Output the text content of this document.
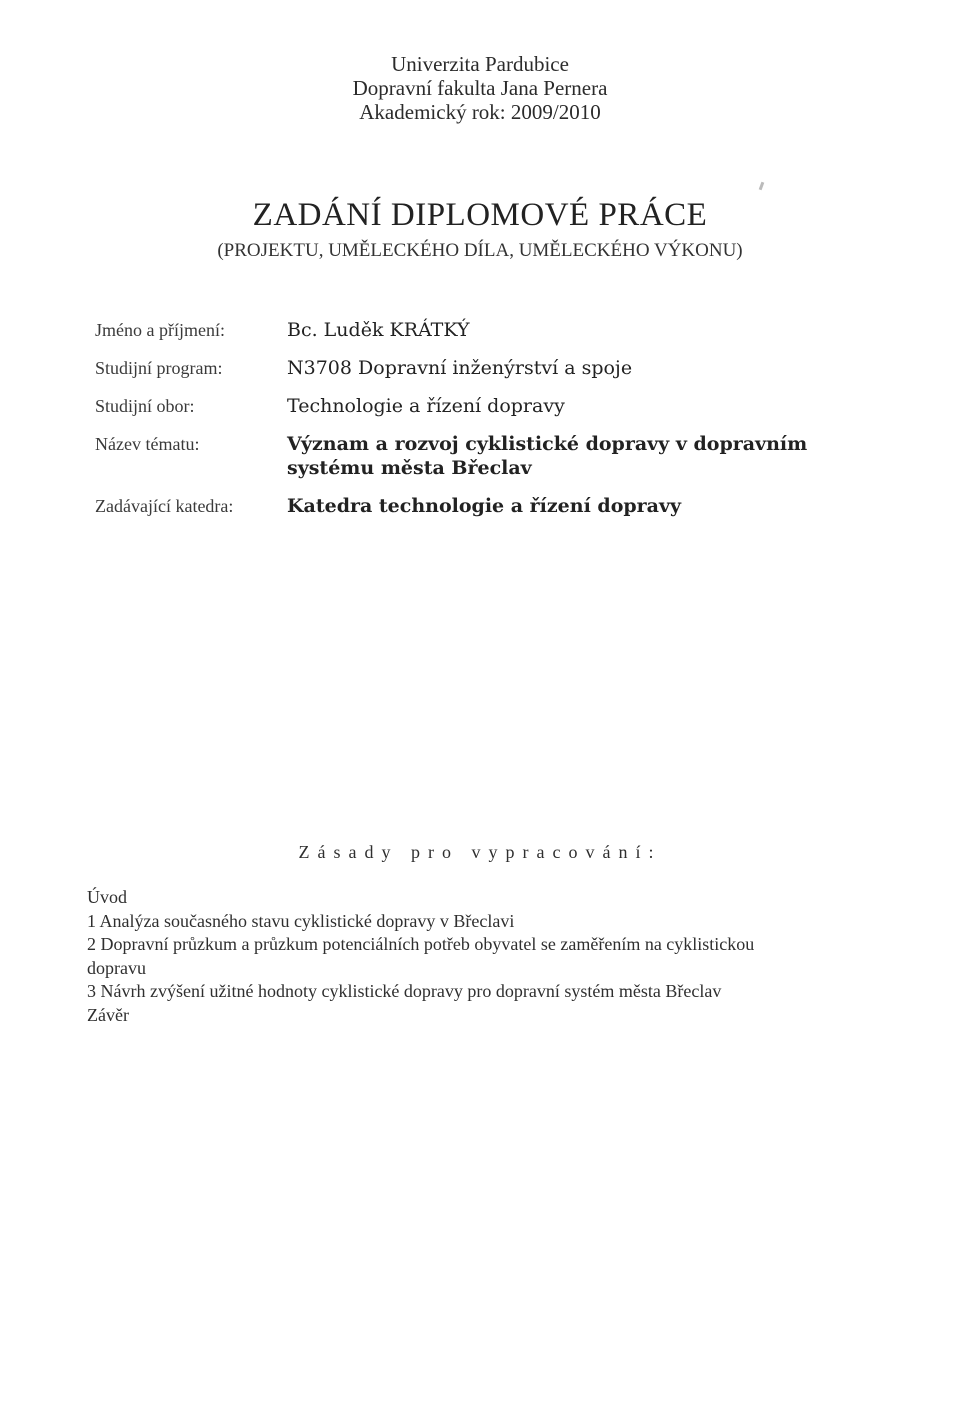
Univerzita Pardubice
Dopravní fakulta Jana Pernera
Akademický rok: 2009/2010
ZADÁNÍ DIPLOMOVÉ PRÁCE
(PROJEKTU, UMĚLECKÉHO DÍLA, UMĚLECKÉHO VÝKONU)
Jméno a příjmení:	Bc. Luděk KRÁTKÝ
Studijní program:	N3708 Dopravní inženýrství a spoje
Studijní obor:	Technologie a řízení dopravy
Název tématu:	Význam a rozvoj cyklistické dopravy v dopravním
systému města Břeclav
Zadávající katedra:	Katedra technologie a řízení dopravy
Zásady pro vypracování:
Úvod
1 Analýza současného stavu cyklistické dopravy v Břeclavi
2 Dopravní průzkum a průzkum potenciálních potřeb obyvatel se zaměřením na cyklistickou
dopravu
3 Návrh zvýšení užitné hodnoty cyklistické dopravy pro dopravní systém města Břeclav
Závěr
